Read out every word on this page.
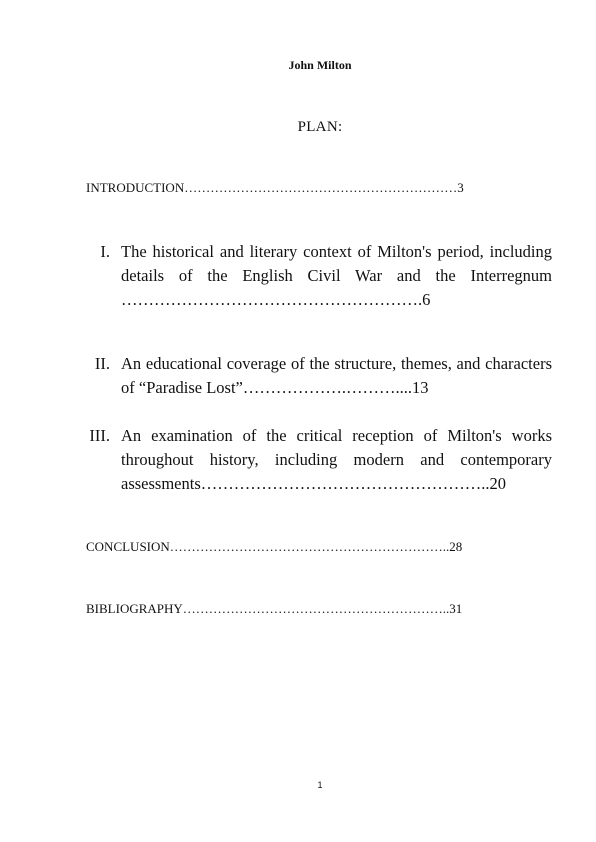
John Milton
PLAN:
INTRODUCTION………………………………………………………3
I. The historical and literary context of Milton's period, including details of the English Civil War and the Interregnum ……………………………………………….6
II. An educational coverage of the structure, themes, and characters of “Paradise Lost”……………….………....13
III. An examination of the critical reception of Milton's works throughout history, including modern and contemporary assessments……………………………………………..20
CONCLUSION………………………………………………………..28
BIBLIOGRAPHY……………………………………………………..31
1
